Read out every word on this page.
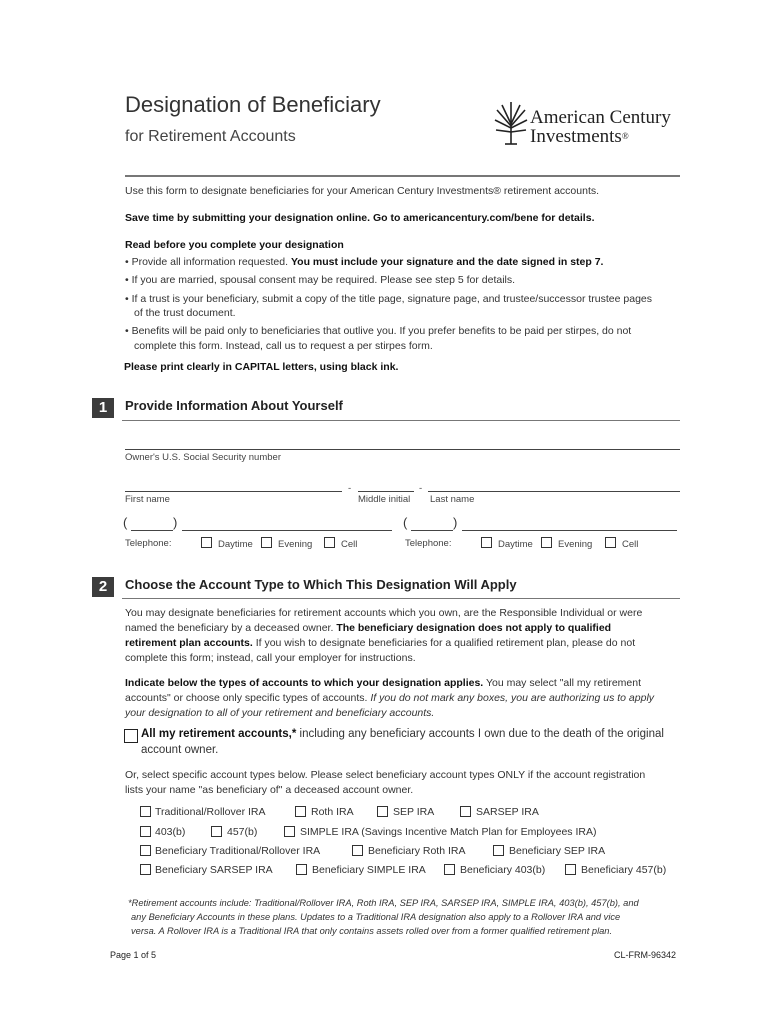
Designation of Beneficiary
for Retirement Accounts
American Century
Investments®
Use this form to designate beneficiaries for your American Century Investments® retirement accounts.
Save time by submitting your designation online. Go to americancentury.com/bene for details.
Read before you complete your designation
• Provide all information requested. You must include your signature and the date signed in step 7.
• If you are married, spousal consent may be required. Please see step 5 for details.
• If a trust is your beneficiary, submit a copy of the title page, signature page, and trustee/successor trustee pages
of the trust document.
• Benefits will be paid only to beneficiaries that outlive you. If you prefer benefits to be paid per stirpes, do not
complete this form. Instead, call us to request a per stirpes form.
Please print clearly in CAPITAL letters, using black ink.
1	Provide Information About Yourself
Owner's U.S. Social Security number
-	-
First name	Middle initial Last name
(	)
Telephone:	Daytime	Evening	Cell
(	)
Telephone:	Daytime	Evening	Cell
2	Choose the Account Type to Which This Designation Will Apply
You may designate beneficiaries for retirement accounts which you own, are the Responsible Individual or were
named the beneficiary by a deceased owner. The beneficiary designation does not apply to qualified
retirement plan accounts. If you wish to designate beneficiaries for a qualified retirement plan, please do not
complete this form; instead, call your employer for instructions.
Indicate below the types of accounts to which your designation applies. You may select "all my retirement
accounts" or choose only specific types of accounts. If you do not mark any boxes, you are authorizing us to apply
your designation to all of your retirement and beneficiary accounts.
All my retirement accounts,* including any beneficiary accounts I own due to the death of the original
account owner.
Or, select specific account types below. Please select beneficiary account types ONLY if the account registration
lists your name "as beneficiary of" a deceased account owner.
Traditional/Rollover IRA	Roth IRA	SEP IRA	SARSEP IRA
403(b)	457(b)	SIMPLE IRA (Savings Incentive Match Plan for Employees IRA)
Beneficiary Traditional/Rollover IRA	Beneficiary Roth IRA	Beneficiary SEP IRA
Beneficiary SARSEP IRA	Beneficiary SIMPLE IRA	Beneficiary 403(b)	Beneficiary 457(b)
*Retirement accounts include: Traditional/Rollover IRA, Roth IRA, SEP IRA, SARSEP IRA, SIMPLE IRA, 403(b), 457(b), and
any Beneficiary Accounts in these plans. Updates to a Traditional IRA designation also apply to a Rollover IRA and vice
versa. A Rollover IRA is a Traditional IRA that only contains assets rolled over from a former qualified retirement plan.
Page 1 of 5	CL-FRM-96342
